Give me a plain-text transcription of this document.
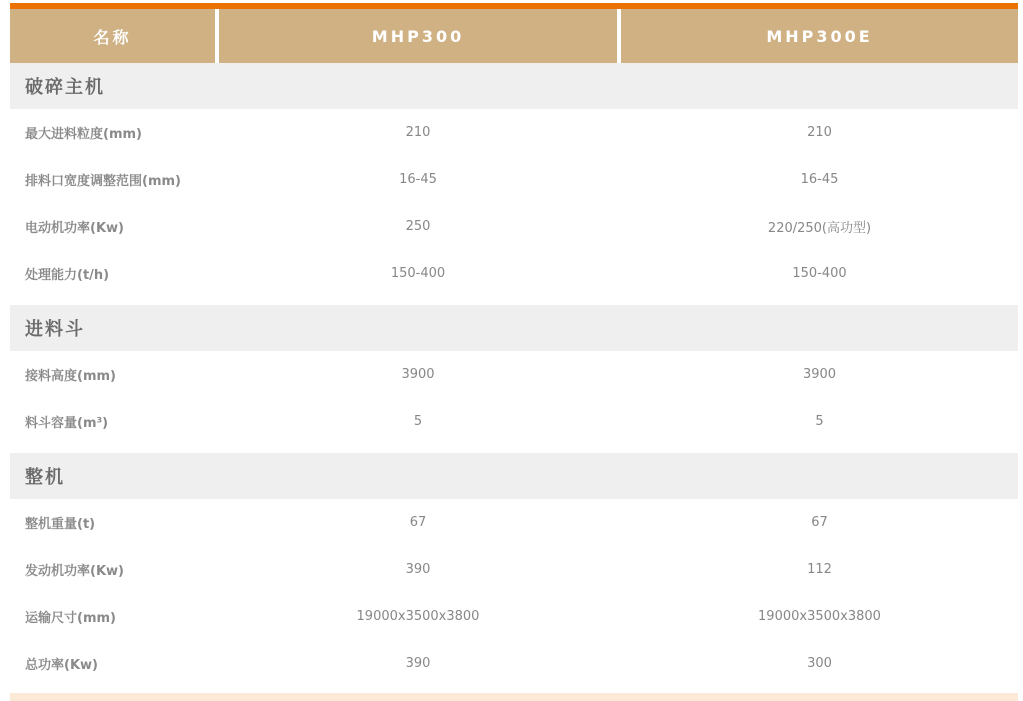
名称	MHP300	MHP300E
破碎主机
最大进料粒度(mm)	210	210
排料口宽度调整范围(mm)	16-45	16-45
电动机功率(Kw)	250	220/250(高功型)
处理能力(t/h)	150-400	150-400
进料斗
接料高度(mm)	3900	3900
料斗容量(m³)	5	5
整机
整机重量(t)	67	67
发动机功率(Kw)	390	112
运输尺寸(mm)	19000x3500x3800	19000x3500x3800
总功率(Kw)	390	300
